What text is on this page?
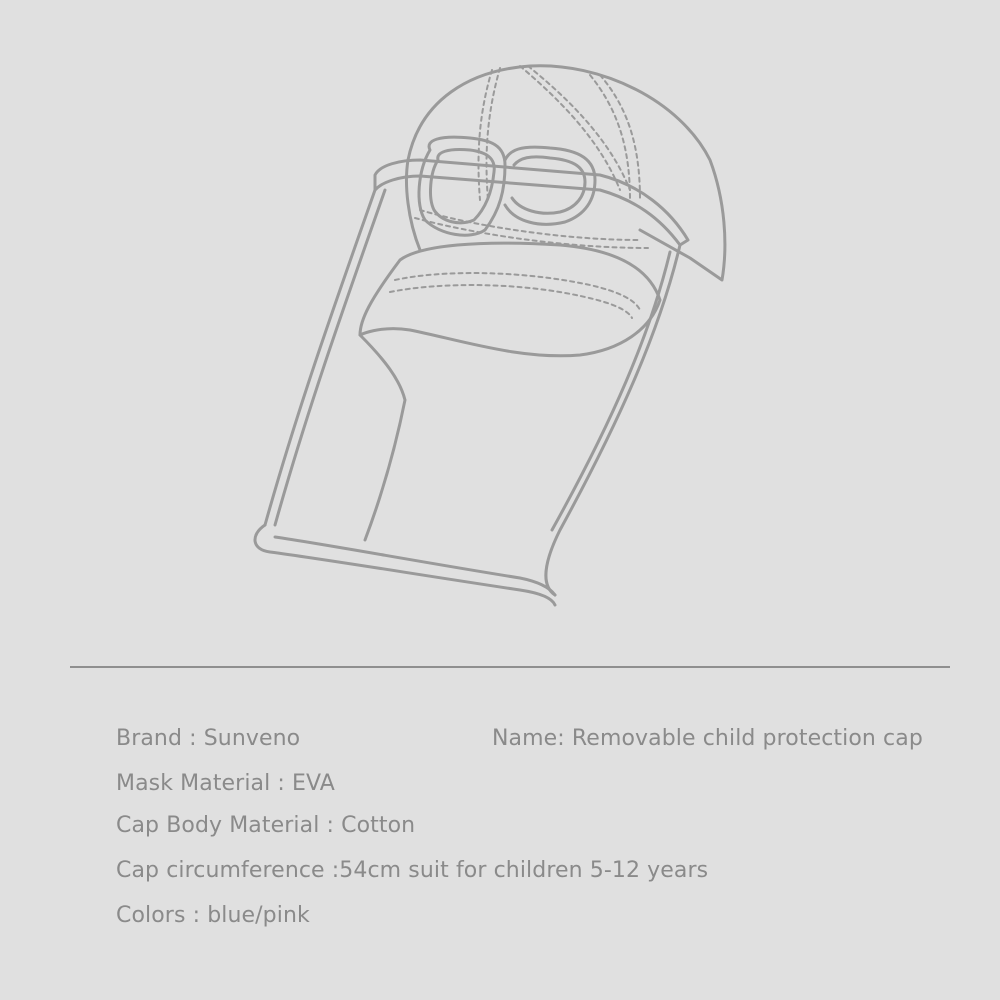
Brand : Sunveno	Name: Removable child protection cap
Mask Material : EVA
Cap Body Material : Cotton
Cap circumference :54cm suit for children 5-12 years
Colors : blue/pink
